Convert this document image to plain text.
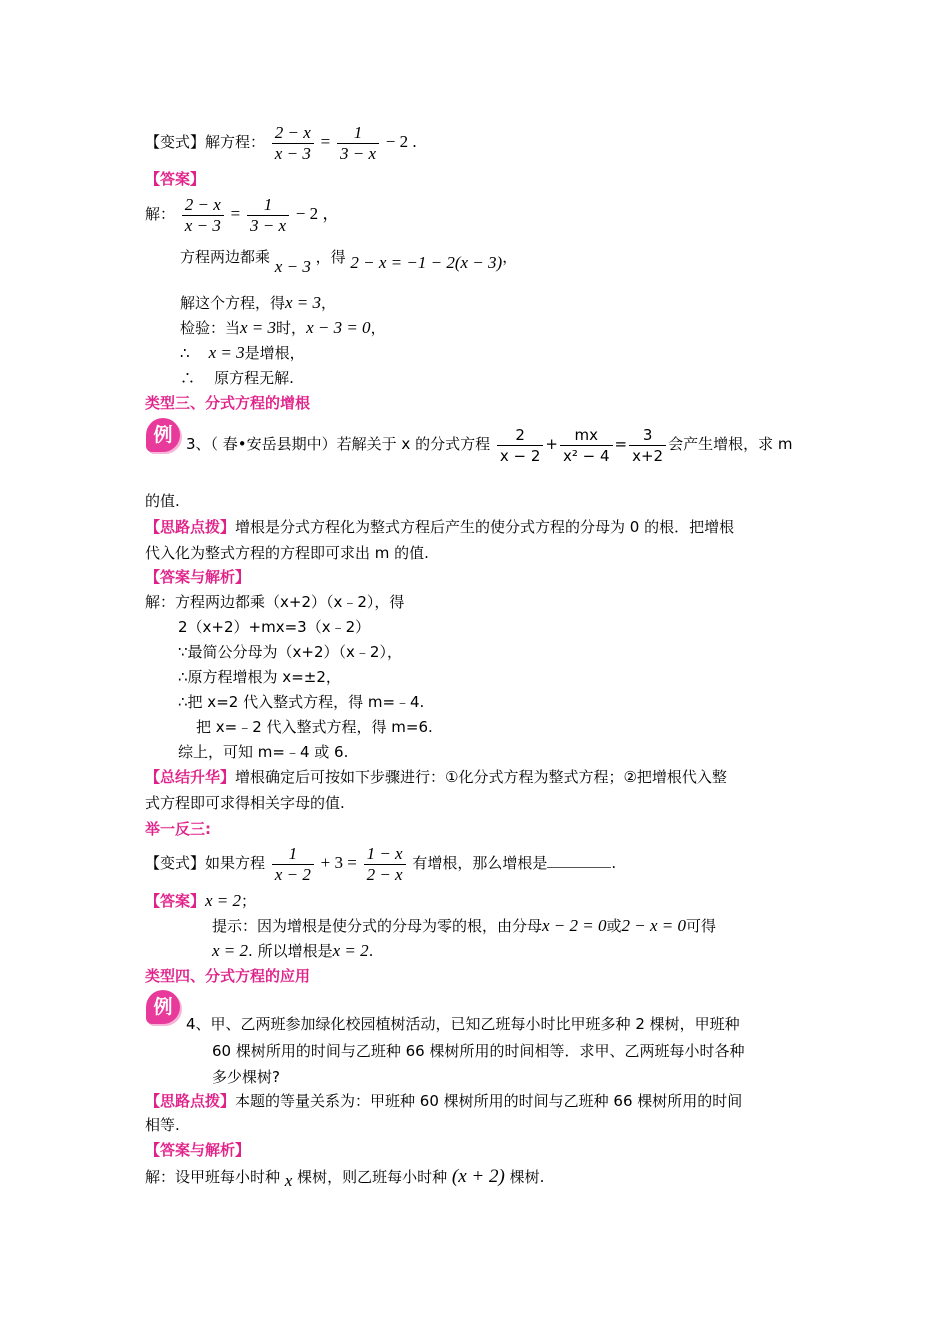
【变式】解方程： $\frac{2 - x}{x - 3} = \frac{1}{3 - x} - 2$ .
【答案】
解： $\frac{2 - x}{x - 3} = \frac{1}{3 - x} - 2$ ，
方程两边都乘 x − 3 ，得 2 − x = −1 − 2(x − 3)，
解这个方程，得x = 3，
检验：当x = 3时，x − 3 = 0，
∴ x = 3是增根，
∴ 原方程无解.
类型三、分式方程的增根
例 3、（ 春•安岳县期中）若解关于 x 的分式方程 $\frac{2}{x - 2} + \frac{mx}{\text{x² − 4}} = \frac{3}{x+2}$ 会产生增根，求 m
的值.
【思路点拨】增根是分式方程化为整式方程后产生的使分式方程的分母为 0 的根．把增根
代入化为整式方程的方程即可求出 m 的值.
【答案与解析】
解：方程两边都乘（x+2）（x﹣2），得
2（x+2）+mx=3（x﹣2）
∵最简公分母为（x+2）（x﹣2），
∴原方程增根为 x=±2，
∴把 x=2 代入整式方程，得 m=﹣4.
把 x=﹣2 代入整式方程，得 m=6.
综上，可知 m=﹣4 或 6.
【总结升华】增根确定后可按如下步骤进行：①化分式方程为整式方程；②把增根代入整
式方程即可求得相关字母的值.
举一反三:
【变式】如果方程 $\frac{1}{x - 2} + 3 = \frac{1 - x}{2 - x}$ 有增根，那么增根是	.
【答案】x = 2；
提示：因为增根是使分式的分母为零的根，由分母x − 2 = 0或2 − x = 0可得
x = 2. 所以增根是x = 2.
类型四、分式方程的应用
例
4、甲、乙两班参加绿化校园植树活动，已知乙班每小时比甲班多种 2 棵树，甲班种
60 棵树所用的时间与乙班种 66 棵树所用的时间相等．求甲、乙两班每小时各种
多少棵树?
【思路点拨】本题的等量关系为：甲班种 60 棵树所用的时间与乙班种 66 棵树所用的时间
相等.
【答案与解析】
解：设甲班每小时种 x 棵树，则乙班每小时种 (x + 2) 棵树.
